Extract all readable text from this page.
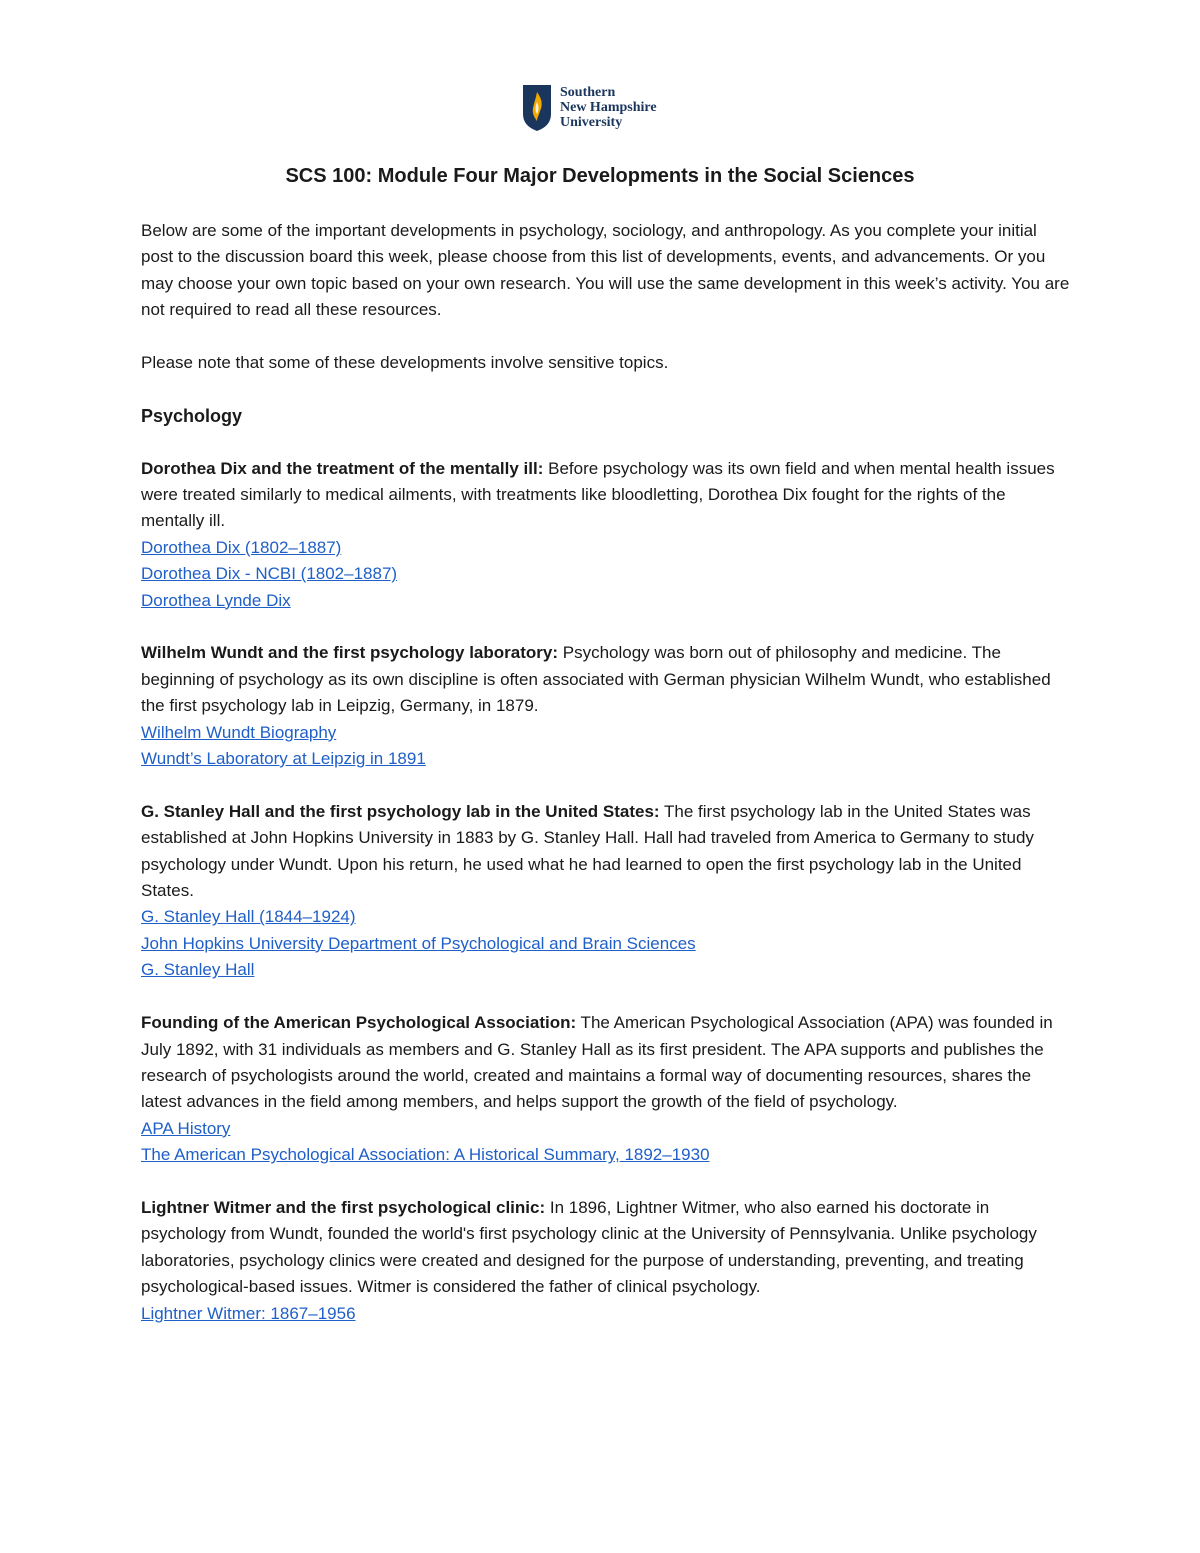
Southern
New Hampshire
University
SCS 100: Module Four Major Developments in the Social Sciences

Below are some of the important developments in psychology, sociology, and anthropology. As you complete your initial post to the discussion board this week, please choose from this list of developments, events, and advancements. Or you may choose your own topic based on your own research. You will use the same development in this week’s activity. You are not required to read all these resources.

Please note that some of these developments involve sensitive topics.

Psychology

Dorothea Dix and the treatment of the mentally ill: Before psychology was its own field and when mental health issues were treated similarly to medical ailments, with treatments like bloodletting, Dorothea Dix fought for the rights of the mentally ill.

Dorothea Dix (1802–1887)
Dorothea Dix - NCBI (1802–1887)
Dorothea Lynde Dix

Wilhelm Wundt and the first psychology laboratory: Psychology was born out of philosophy and medicine. The beginning of psychology as its own discipline is often associated with German physician Wilhelm Wundt, who established the first psychology lab in Leipzig, Germany, in 1879.

Wilhelm Wundt Biography
Wundt’s Laboratory at Leipzig in 1891

G. Stanley Hall and the first psychology lab in the United States: The first psychology lab in the United States was established at John Hopkins University in 1883 by G. Stanley Hall. Hall had traveled from America to Germany to study psychology under Wundt. Upon his return, he used what he had learned to open the first psychology lab in the United States.

G. Stanley Hall (1844–1924)
John Hopkins University Department of Psychological and Brain Sciences
G. Stanley Hall

Founding of the American Psychological Association: The American Psychological Association (APA) was founded in July 1892, with 31 individuals as members and G. Stanley Hall as its first president. The APA supports and publishes the research of psychologists around the world, created and maintains a formal way of documenting resources, shares the latest advances in the field among members, and helps support the growth of the field of psychology.

APA History
The American Psychological Association: A Historical Summary, 1892–1930

Lightner Witmer and the first psychological clinic: In 1896, Lightner Witmer, who also earned his doctorate in psychology from Wundt, founded the world's first psychology clinic at the University of Pennsylvania. Unlike psychology laboratories, psychology clinics were created and designed for the purpose of understanding, preventing, and treating psychological-based issues. Witmer is considered the father of clinical psychology.

Lightner Witmer: 1867–1956
